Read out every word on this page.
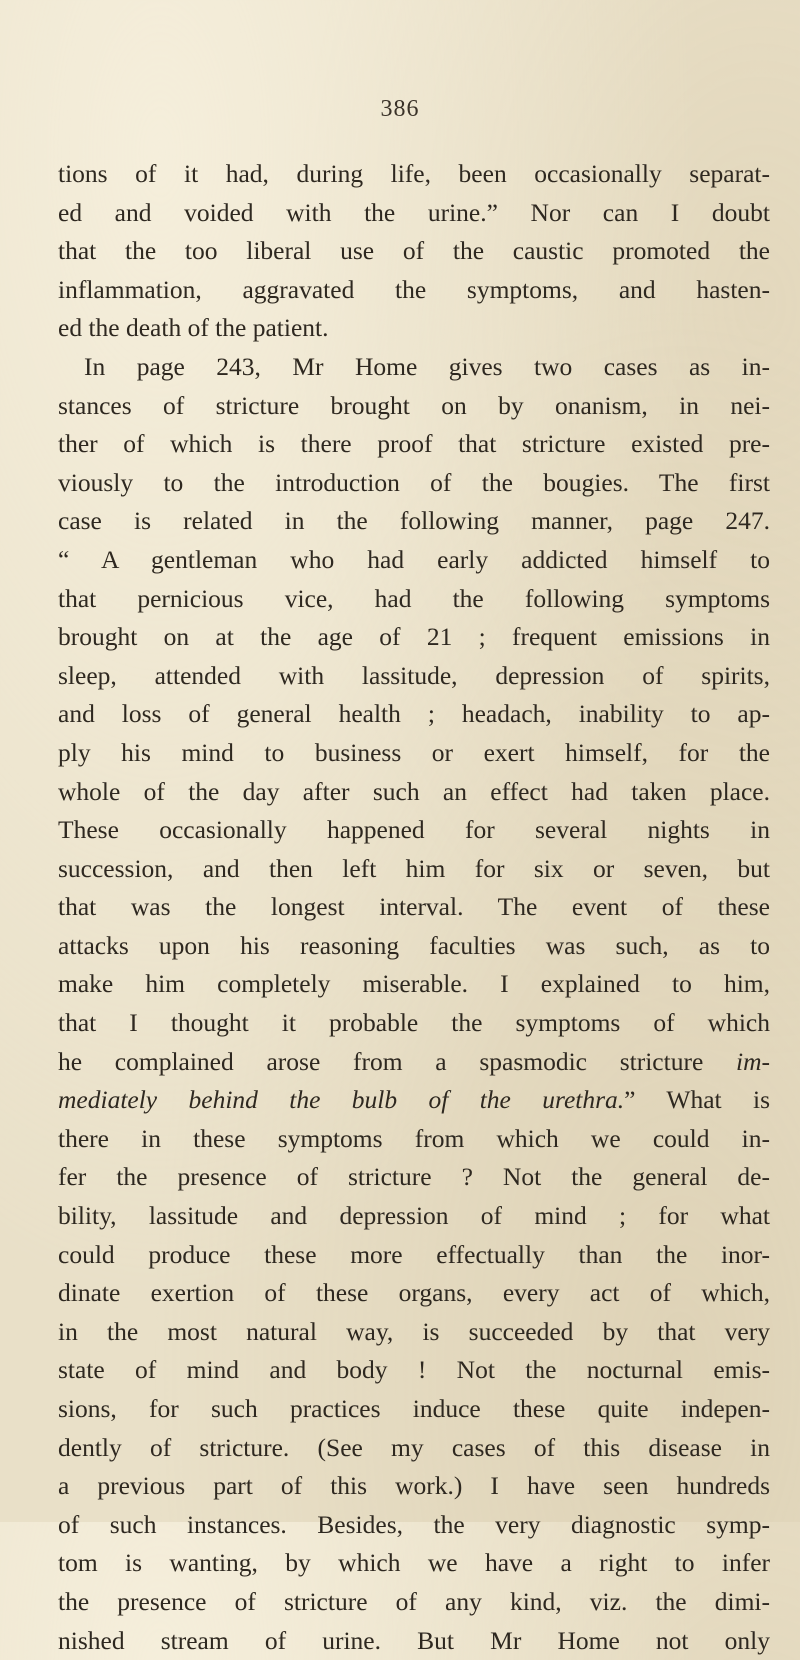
386
tions of it had, during life, been occasionally separat-
ed and voided with the urine.” Nor can I doubt
that the too liberal use of the caustic promoted the
inflammation, aggravated the symptoms, and hasten-
ed the death of the patient.
In page 243, Mr Home gives two cases as in-
stances of stricture brought on by onanism, in nei-
ther of which is there proof that stricture existed pre-
viously to the introduction of the bougies. The first
case is related in the following manner, page 247.
“ A gentleman who had early addicted himself to
that pernicious vice, had the following symptoms
brought on at the age of 21 ; frequent emissions in
sleep, attended with lassitude, depression of spirits,
and loss of general health ; headach, inability to ap-
ply his mind to business or exert himself, for the
whole of the day after such an effect had taken place.
These occasionally happened for several nights in
succession, and then left him for six or seven, but
that was the longest interval. The event of these
attacks upon his reasoning faculties was such, as to
make him completely miserable. I explained to him,
that I thought it probable the symptoms of which
he complained arose from a spasmodic stricture im-
mediately behind the bulb of the urethra.” What is
there in these symptoms from which we could in-
fer the presence of stricture ? Not the general de-
bility, lassitude and depression of mind ; for what
could produce these more effectually than the inor-
dinate exertion of these organs, every act of which,
in the most natural way, is succeeded by that very
state of mind and body ! Not the nocturnal emis-
sions, for such practices induce these quite indepen-
dently of stricture. (See my cases of this disease in
a previous part of this work.) I have seen hundreds
of such instances. Besides, the very diagnostic symp-
tom is wanting, by which we have a right to infer
the presence of stricture of any kind, viz. the dimi-
nished stream of urine. But Mr Home not only
